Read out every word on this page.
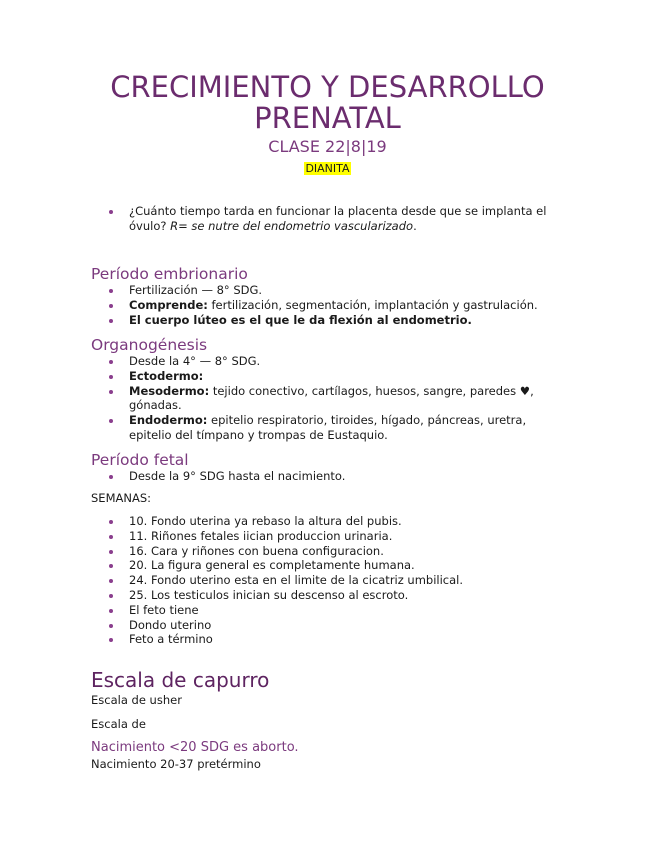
CRECIMIENTO Y DESARROLLO
PRENATAL

CLASE 22|8|19

DIANITA
¿Cuánto tiempo tarda en funcionar la placenta desde que se implanta el óvulo? R= se nutre del endometrio vascularizado.
Período embrionario
Fertilización — 8° SDG.
Comprende: fertilización, segmentación, implantación y gastrulación.
El cuerpo lúteo es el que le da flexión al endometrio.
Organogénesis
Desde la 4° — 8° SDG.
Ectodermo:
Mesodermo: tejido conectivo, cartílagos, huesos, sangre, paredes ♥, gónadas.
Endodermo: epitelio respiratorio, tiroides, hígado, páncreas, uretra, epitelio del tímpano y trompas de Eustaquio.
Período fetal
Desde la 9° SDG hasta el nacimiento.

SEMANAS:

10. Fondo uterina ya rebaso la altura del pubis.
11. Riñones fetales iician produccion urinaria.
16. Cara y riñones con buena configuracion.
20. La figura general es completamente humana.
24. Fondo uterino esta en el limite de la cicatriz umbilical.
25. Los testiculos inician su descenso al escroto.
El feto tiene
Dondo uterino
Feto a término
Escala de capurro

Escala de usher

Escala de

Nacimiento <20 SDG es aborto.

Nacimiento 20-37 pretérmino
